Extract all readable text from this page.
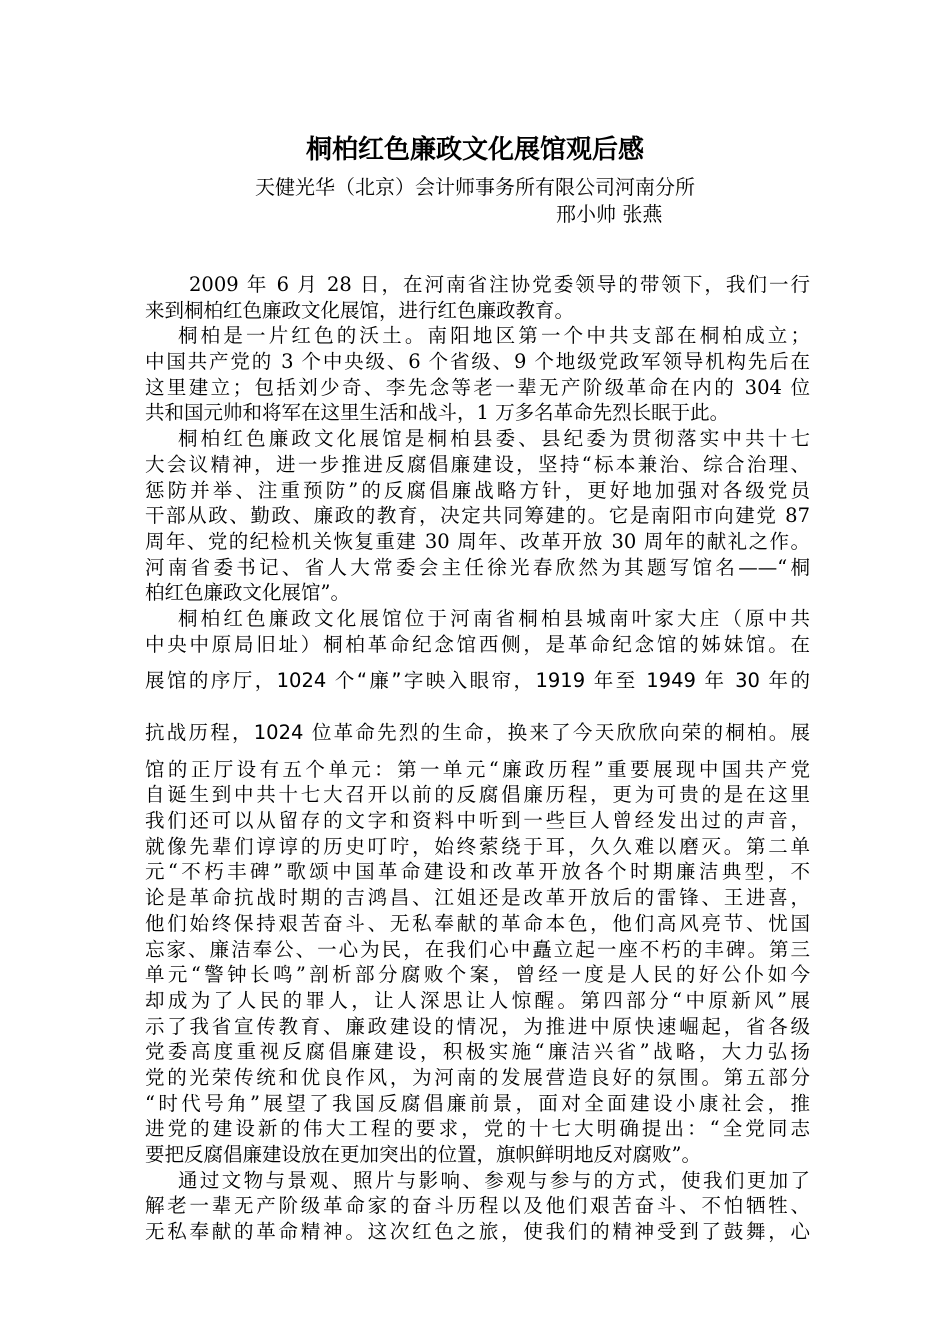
桐柏红色廉政文化展馆观后感
天健光华（北京）会计师事务所有限公司河南分所
邢小帅 张燕
2009 年 6 月 28 日，在河南省注协党委领导的带领下，我们一行
来到桐柏红色廉政文化展馆，进行红色廉政教育。
桐柏是一片红色的沃土。南阳地区第一个中共支部在桐柏成立；
中国共产党的 3 个中央级、6 个省级、9 个地级党政军领导机构先后在
这里建立；包括刘少奇、李先念等老一辈无产阶级革命在内的 304 位
共和国元帅和将军在这里生活和战斗，1 万多名革命先烈长眠于此。
桐柏红色廉政文化展馆是桐柏县委、县纪委为贯彻落实中共十七
大会议精神，进一步推进反腐倡廉建设，坚持“标本兼治、综合治理、
惩防并举、注重预防”的反腐倡廉战略方针，更好地加强对各级党员
干部从政、勤政、廉政的教育，决定共同筹建的。它是南阳市向建党 87
周年、党的纪检机关恢复重建 30 周年、改革开放 30 周年的献礼之作。
河南省委书记、省人大常委会主任徐光春欣然为其题写馆名——“桐
柏红色廉政文化展馆”。
桐柏红色廉政文化展馆位于河南省桐柏县城南叶家大庄（原中共
中央中原局旧址）桐柏革命纪念馆西侧，是革命纪念馆的姊妹馆。在
展馆的序厅，1024 个“廉”字映入眼帘，1919 年至 1949 年 30 年的
抗战历程，1024 位革命先烈的生命，换来了今天欣欣向荣的桐柏。展
馆的正厅设有五个单元：第一单元“廉政历程”重要展现中国共产党
自诞生到中共十七大召开以前的反腐倡廉历程，更为可贵的是在这里
我们还可以从留存的文字和资料中听到一些巨人曾经发出过的声音，
就像先辈们谆谆的历史叮咛，始终萦绕于耳，久久难以磨灭。第二单
元“不朽丰碑”歌颂中国革命建设和改革开放各个时期廉洁典型，不
论是革命抗战时期的吉鸿昌、江姐还是改革开放后的雷锋、王进喜，
他们始终保持艰苦奋斗、无私奉献的革命本色，他们高风亮节、忧国
忘家、廉洁奉公、一心为民，在我们心中矗立起一座不朽的丰碑。第三
单元“警钟长鸣”剖析部分腐败个案，曾经一度是人民的好公仆如今
却成为了人民的罪人，让人深思让人惊醒。第四部分“中原新风”展
示了我省宣传教育、廉政建设的情况，为推进中原快速崛起，省各级
党委高度重视反腐倡廉建设，积极实施“廉洁兴省”战略，大力弘扬
党的光荣传统和优良作风，为河南的发展营造良好的氛围。第五部分
“时代号角”展望了我国反腐倡廉前景，面对全面建设小康社会，推
进党的建设新的伟大工程的要求，党的十七大明确提出：“全党同志
要把反腐倡廉建设放在更加突出的位置，旗帜鲜明地反对腐败”。
通过文物与景观、照片与影响、参观与参与的方式，使我们更加了
解老一辈无产阶级革命家的奋斗历程以及他们艰苦奋斗、不怕牺牲、
无私奉献的革命精神。这次红色之旅，使我们的精神受到了鼓舞，心
